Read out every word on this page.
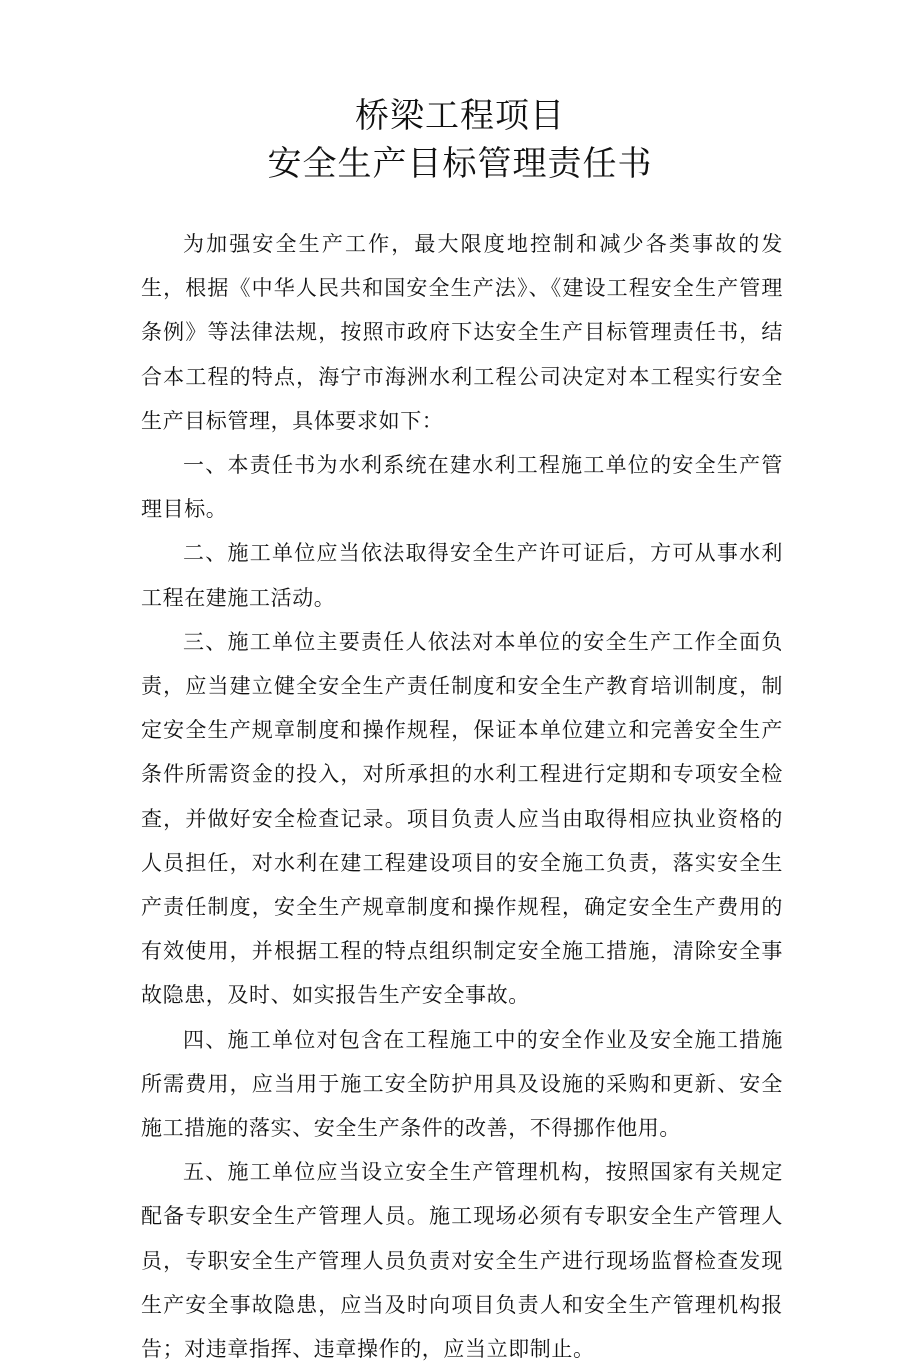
桥梁工程项目
安全生产目标管理责任书

为加强安全生产工作，最大限度地控制和减少各类事故的发生，根据《中华人民共和国安全生产法》、《建设工程安全生产管理条例》等法律法规，按照市政府下达安全生产目标管理责任书，结合本工程的特点，海宁市海洲水利工程公司决定对本工程实行安全生产目标管理，具体要求如下：

一、本责任书为水利系统在建水利工程施工单位的安全生产管理目标。

二、施工单位应当依法取得安全生产许可证后，方可从事水利工程在建施工活动。

三、施工单位主要责任人依法对本单位的安全生产工作全面负责，应当建立健全安全生产责任制度和安全生产教育培训制度，制定安全生产规章制度和操作规程，保证本单位建立和完善安全生产条件所需资金的投入，对所承担的水利工程进行定期和专项安全检查，并做好安全检查记录。项目负责人应当由取得相应执业资格的人员担任，对水利在建工程建设项目的安全施工负责，落实安全生产责任制度，安全生产规章制度和操作规程，确定安全生产费用的有效使用，并根据工程的特点组织制定安全施工措施，清除安全事故隐患，及时、如实报告生产安全事故。

四、施工单位对包含在工程施工中的安全作业及安全施工措施所需费用，应当用于施工安全防护用具及设施的采购和更新、安全施工措施的落实、安全生产条件的改善，不得挪作他用。

五、施工单位应当设立安全生产管理机构，按照国家有关规定配备专职安全生产管理人员。施工现场必须有专职安全生产管理人员，专职安全生产管理人员负责对安全生产进行现场监督检查发现生产安全事故隐患，应当及时向项目负责人和安全生产管理机构报告；对违章指挥、违章操作的，应当立即制止。
